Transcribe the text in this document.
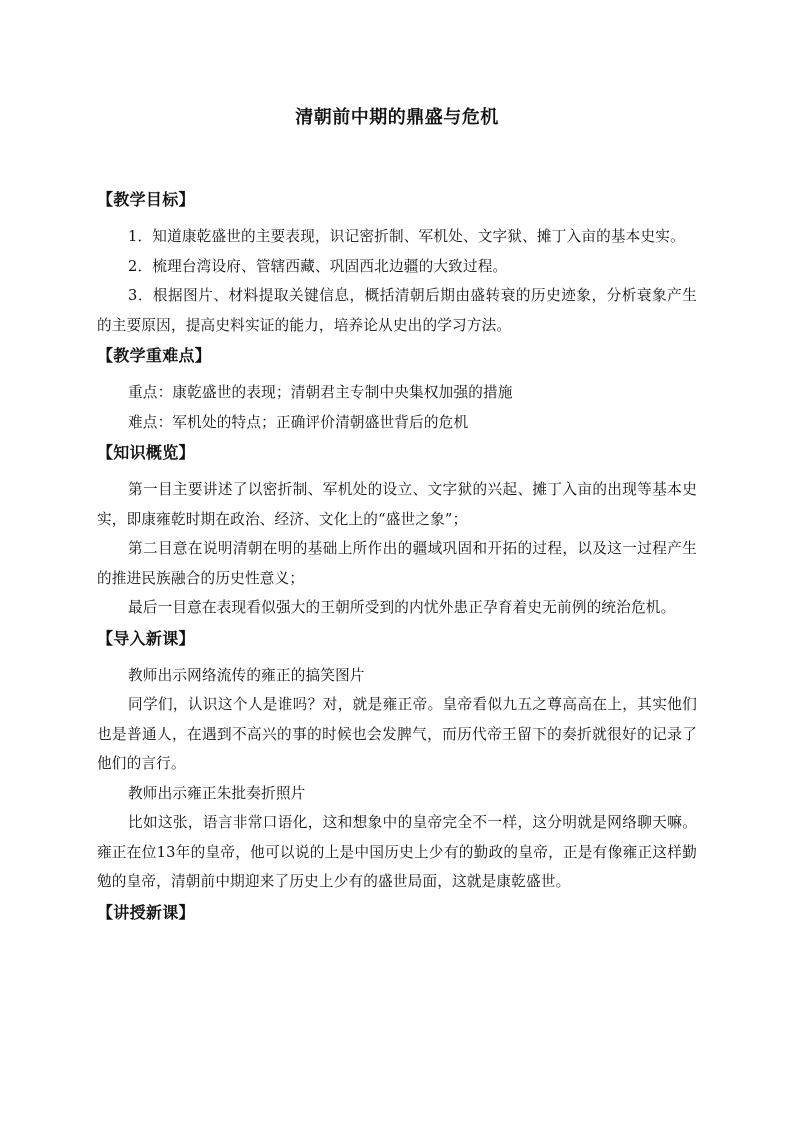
清朝前中期的鼎盛与危机
【教学目标】

1．知道康乾盛世的主要表现，识记密折制、军机处、文字狱、摊丁入亩的基本史实。

2．梳理台湾设府、管辖西藏、巩固西北边疆的大致过程。

3．根据图片、材料提取关键信息，概括清朝后期由盛转衰的历史迹象，分析衰象产生的主要原因，提高史料实证的能力，培养论从史出的学习方法。

【教学重难点】

重点：康乾盛世的表现；清朝君主专制中央集权加强的措施

难点：军机处的特点；正确评价清朝盛世背后的危机

【知识概览】

第一目主要讲述了以密折制、军机处的设立、文字狱的兴起、摊丁入亩的出现等基本史实，即康雍乾时期在政治、经济、文化上的“盛世之象”；

第二目意在说明清朝在明的基础上所作出的疆域巩固和开拓的过程，以及这一过程产生的推进民族融合的历史性意义；

最后一目意在表现看似强大的王朝所受到的内忧外患正孕育着史无前例的统治危机。

【导入新课】

教师出示网络流传的雍正的搞笑图片

同学们，认识这个人是谁吗？对，就是雍正帝。皇帝看似九五之尊高高在上，其实他们也是普通人，在遇到不高兴的事的时候也会发脾气，而历代帝王留下的奏折就很好的记录了他们的言行。

教师出示雍正朱批奏折照片

比如这张，语言非常口语化，这和想象中的皇帝完全不一样，这分明就是网络聊天嘛。雍正在位13年的皇帝，他可以说的上是中国历史上少有的勤政的皇帝，正是有像雍正这样勤勉的皇帝，清朝前中期迎来了历史上少有的盛世局面，这就是康乾盛世。

【讲授新课】
